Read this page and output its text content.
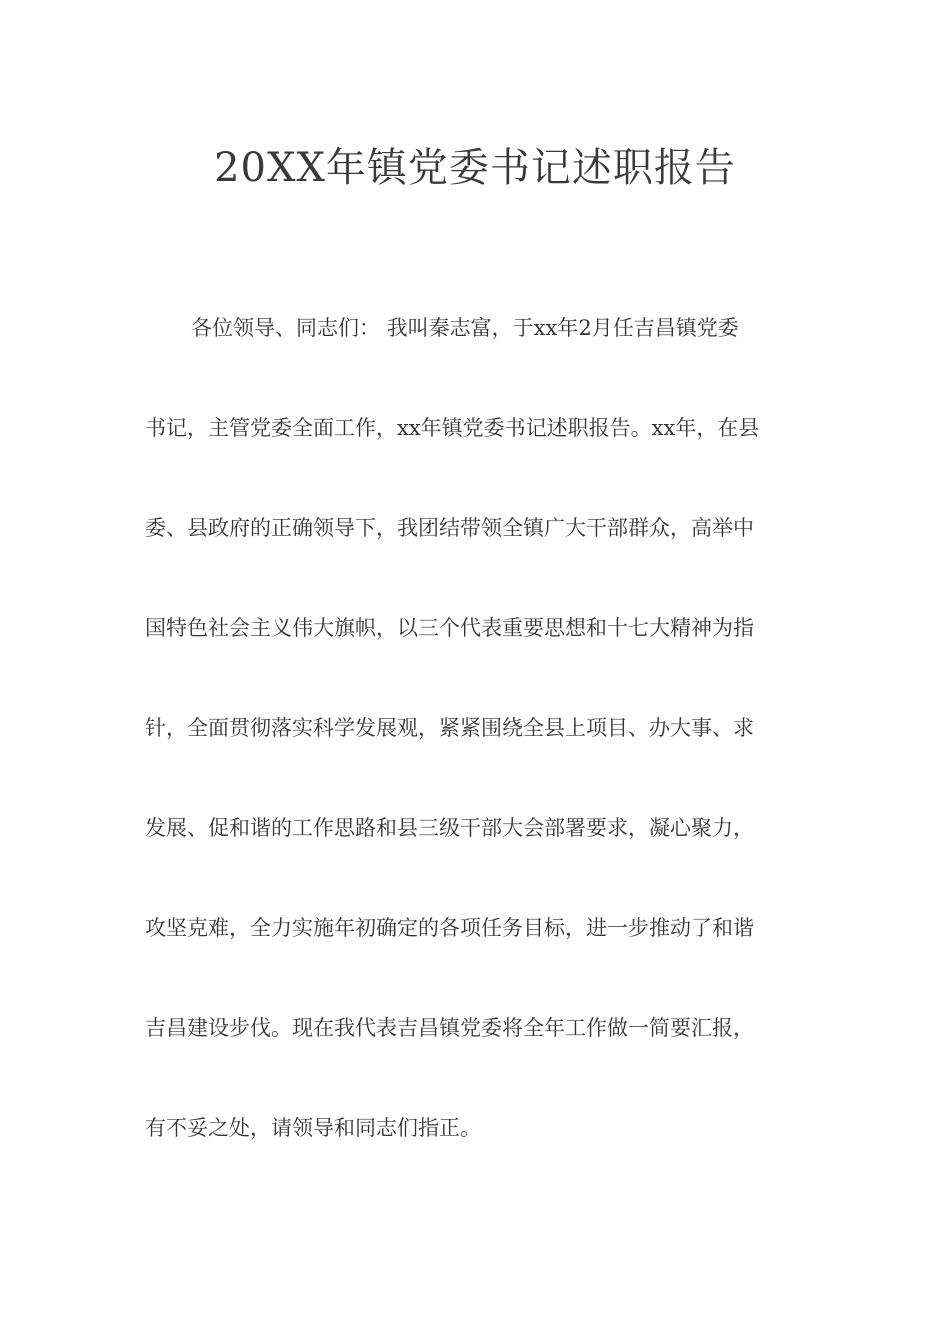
20XX年镇党委书记述职报告
各位领导、同志们： 我叫秦志富，于xx年2月任吉昌镇党委
书记，主管党委全面工作，xx年镇党委书记述职报告。xx年，在县
委、县政府的正确领导下，我团结带领全镇广大干部群众，高举中
国特色社会主义伟大旗帜，以三个代表重要思想和十七大精神为指
针，全面贯彻落实科学发展观，紧紧围绕全县上项目、办大事、求
发展、促和谐的工作思路和县三级干部大会部署要求，凝心聚力，
攻坚克难，全力实施年初确定的各项任务目标，进一步推动了和谐
吉昌建设步伐。现在我代表吉昌镇党委将全年工作做一简要汇报，
有不妥之处，请领导和同志们指正。
